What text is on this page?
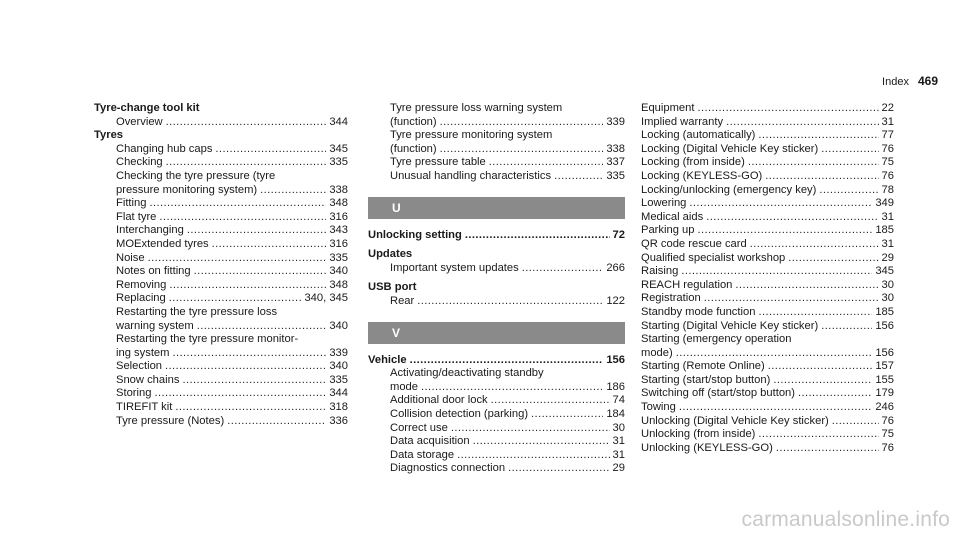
Index 469
Tyre-change tool kit
Overview .....	344
Tyres
Changing hub caps .....	345
Checking .....	335
Checking the tyre pressure (tyre
pressure monitoring system) .....	338
Fitting .....	348
Flat tyre .....	316
Interchanging .....	343
MOExtended tyres .....	316
Noise .....	335
Notes on fitting .....	340
Removing .....	348
Replacing .....	340, 345
Restarting the tyre pressure loss
warning system .....	340
Restarting the tyre pressure monitor-
ing system .....	339
Selection .....	340
Snow chains .....	335
Storing .....	344
TIREFIT kit .....	318
Tyre pressure (Notes) .....	336
Tyre pressure loss warning system
(function) .....	339
Tyre pressure monitoring system
(function) .....	338
Tyre pressure table .....	337
Unusual handling characteristics .....	335
U
Unlocking setting .....	72
Updates
Important system updates .....	266
USB port
Rear .....	122
V
Vehicle .....	156
Activating/deactivating standby
mode .....	186
Additional door lock .....	74
Collision detection (parking) .....	184
Correct use .....	30
Data acquisition .....	31
Data storage .....	31
Diagnostics connection .....	29
Equipment .....	22
Implied warranty .....	31
Locking (automatically) .....	77
Locking (Digital Vehicle Key sticker) .....	76
Locking (from inside) .....	75
Locking (KEYLESS-GO) .....	76
Locking/unlocking (emergency key) .....	78
Lowering .....	349
Medical aids .....	31
Parking up .....	185
QR code rescue card .....	31
Qualified specialist workshop .....	29
Raising .....	345
REACH regulation .....	30
Registration .....	30
Standby mode function .....	185
Starting (Digital Vehicle Key sticker) .....	156
Starting (emergency operation
mode) .....	156
Starting (Remote Online) .....	157
Starting (start/stop button) .....	155
Switching off (start/stop button) .....	179
Towing .....	246
Unlocking (Digital Vehicle Key sticker) .....	76
Unlocking (from inside) .....	75
Unlocking (KEYLESS-GO) .....	76
carmanualsonline.info
